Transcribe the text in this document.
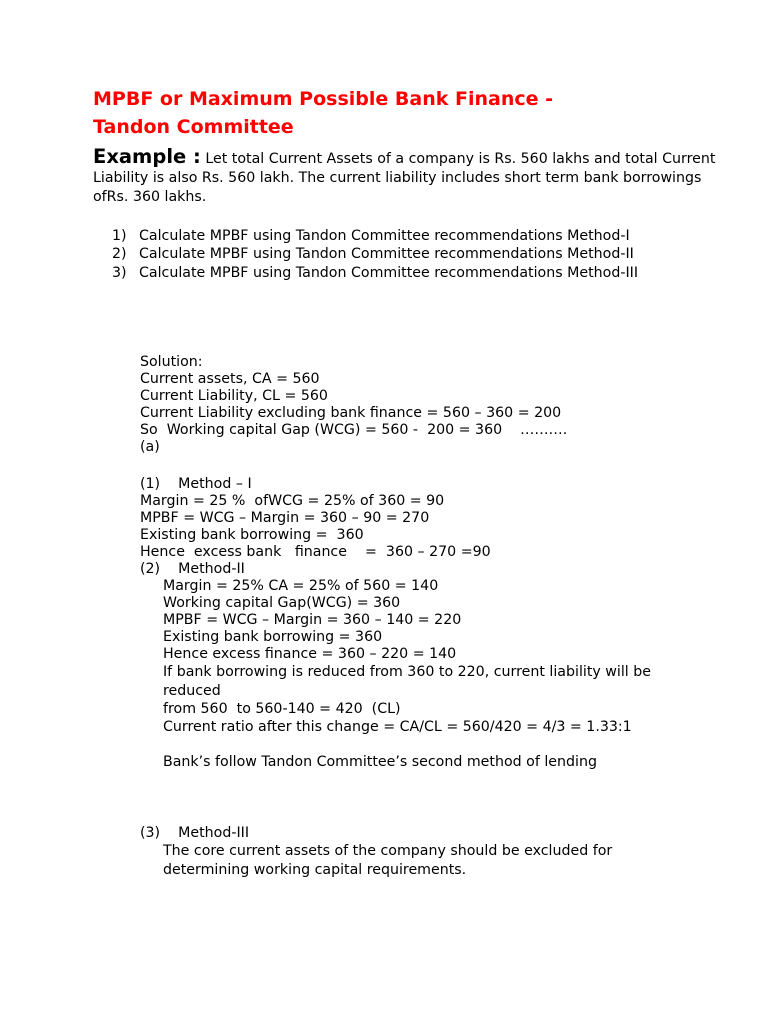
MPBF or Maximum Possible Bank Finance -
Tandon Committee

Example : Let total Current Assets of a company is Rs. 560 lakhs and total Current Liability is also Rs. 560 lakh. The current liability includes short term bank borrowings ofRs. 360 lakhs.

1) Calculate MPBF using Tandon Committee recommendations Method-I
2) Calculate MPBF using Tandon Committee recommendations Method-II
3) Calculate MPBF using Tandon Committee recommendations Method-III
Solution:
Current assets, CA = 560
Current Liability, CL = 560
Current Liability excluding bank finance = 560 – 360 = 200
So  Working capital Gap (WCG) = 560 -  200 = 360    ……….
(a)
(1)    Method – I
Margin = 25 %  ofWCG = 25% of 360 = 90
MPBF = WCG – Margin = 360 – 90 = 270
Existing bank borrowing =  360
Hence  excess bank   finance    =  360 – 270 =90
(2)    Method-II
Margin = 25% CA = 25% of 560 = 140
Working capital Gap(WCG) = 360
MPBF = WCG – Margin = 360 – 140 = 220
Existing bank borrowing = 360
Hence excess finance = 360 – 220 = 140
If bank borrowing is reduced from 360 to 220, current liability will be reduced
from 560  to 560-140 = 420  (CL)
Current ratio after this change = CA/CL = 560/420 = 4/3 = 1.33:1
Bank’s follow Tandon Committee’s second method of lending
(3)    Method-III
The core current assets of the company should be excluded for determining working capital requirements.
